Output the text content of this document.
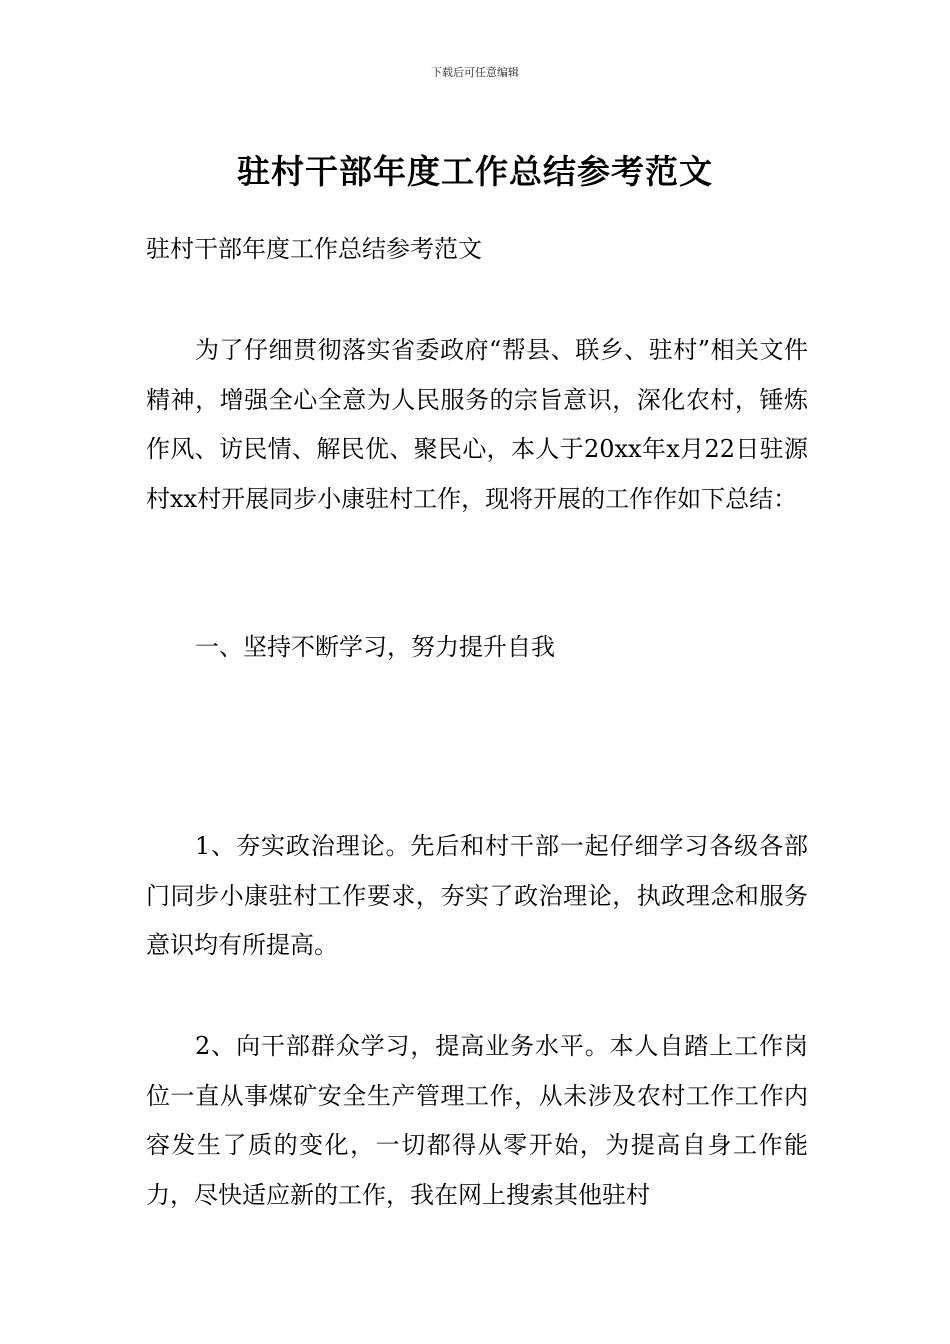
下载后可任意编辑
驻村干部年度工作总结参考范文

驻村干部年度工作总结参考范文

为了仔细贯彻落实省委政府“帮县、联乡、驻村”相关文件精神，增强全心全意为人民服务的宗旨意识，深化农村，锤炼作风、访民情、解民优、聚民心，本人于20xx年x月22日驻源村xx村开展同步小康驻村工作，现将开展的工作作如下总结：

一、坚持不断学习，努力提升自我

1、夯实政治理论。先后和村干部一起仔细学习各级各部门同步小康驻村工作要求，夯实了政治理论，执政理念和服务意识均有所提高。

2、向干部群众学习，提高业务水平。本人自踏上工作岗位一直从事煤矿安全生产管理工作，从未涉及农村工作工作内容发生了质的变化，一切都得从零开始，为提高自身工作能力，尽快适应新的工作，我在网上搜索其他驻村
